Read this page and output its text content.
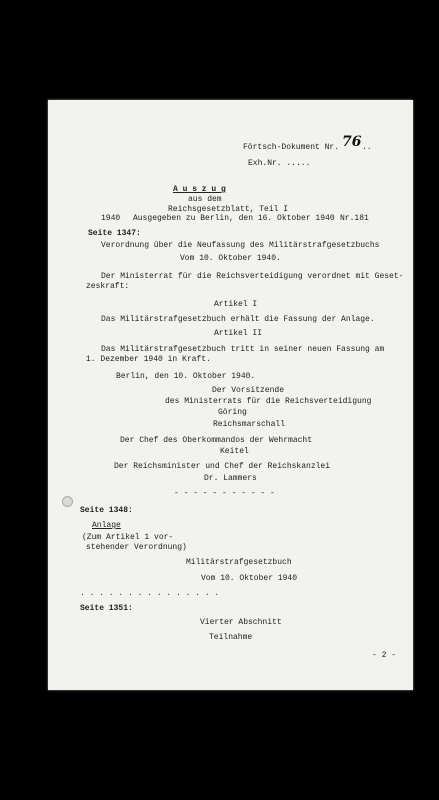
Förtsch-Dokument Nr. 76 ..
Exh.Nr. .....
A u s z u g
aus dem
Reichsgesetzblatt, Teil I
1940 Ausgegeben zu Berlin, den 16. Oktober 1940 Nr.181
Seite 1347:
Verordnung über die Neufassung des Militärstrafgesetzbuchs
Vom 10. Oktober 1940.
Der Ministerrat für die Reichsverteidigung verordnet mit Geset-
zeskraft:
Artikel I
Das Militärstrafgesetzbuch erhält die Fassung der Anlage.
Artikel II
Das Militärstrafgesetzbuch tritt in seiner neuen Fassung am
1. Dezember 1940 in Kraft.
Berlin, den 10. Oktober 1940.
Der Vorsitzende
des Ministerrats für die Reichsverteidigung
Göring
Reichsmarschall
Der Chef des Oberkommandos der Wehrmacht
Keitel
Der Reichsminister und Chef der Reichskanzlei
Dr. Lammers
- - - - - - - - - - -
Seite 1348:
Anlage
(Zum Artikel 1 vor-
stehender Verordnung)
Militärstrafgesetzbuch
Vom 10. Oktober 1940
. . . . . . . . . . . . . . .
Seite 1351:
Vierter Abschnitt
Teilnahme
- 2 -
